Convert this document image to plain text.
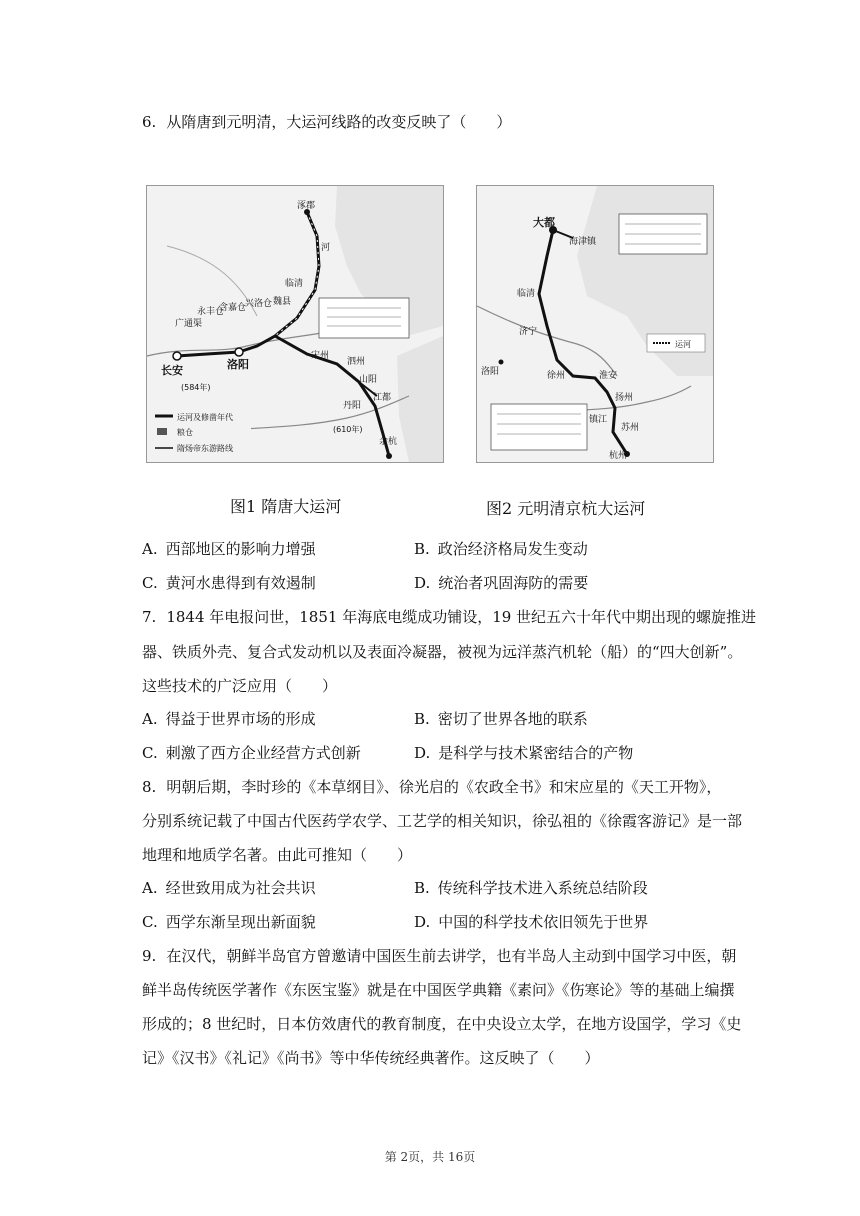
6. 从隋唐到元明清，大运河线路的改变反映了（　　）
涿郡
河
临清
魏县
洛阳
长安
广通渠
永丰仓
含嘉仓
兴洛仓
宋州
泗州
山阳
江都
丹阳
余杭
(584年)
(610年)
运河及修凿年代
粮仓
隋炀帝东游路线
大都
海津镇
临清
济宁
洛阳	徐州	淮安
扬州
镇江
苏州
杭州
运河
图1 隋唐大运河	图2 元明清京杭大运河
A. 西部地区的影响力增强	B. 政治经济格局发生变动
C. 黄河水患得到有效遏制	D. 统治者巩固海防的需要
7. 1844 年电报问世，1851 年海底电缆成功铺设，19 世纪五六十年代中期出现的螺旋推进
器、铁质外壳、复合式发动机以及表面冷凝器，被视为远洋蒸汽机轮（船）的“四大创新”。
这些技术的广泛应用（　　）
A. 得益于世界市场的形成	B. 密切了世界各地的联系
C. 刺激了西方企业经营方式创新	D. 是科学与技术紧密结合的产物
8. 明朝后期，李时珍的《本草纲目》、徐光启的《农政全书》和宋应星的《天工开物》，
分别系统记载了中国古代医药学农学、工艺学的相关知识，徐弘祖的《徐霞客游记》是一部
地理和地质学名著。由此可推知（　　）
A. 经世致用成为社会共识	B. 传统科学技术进入系统总结阶段
C. 西学东渐呈现出新面貌	D. 中国的科学技术依旧领先于世界
9. 在汉代，朝鲜半岛官方曾邀请中国医生前去讲学，也有半岛人主动到中国学习中医，朝
鲜半岛传统医学著作《东医宝鉴》就是在中国医学典籍《素问》《伤寒论》等的基础上编撰
形成的；8 世纪时，日本仿效唐代的教育制度，在中央设立太学，在地方设国学，学习《史
记》《汉书》《礼记》《尚书》等中华传统经典著作。这反映了（　　）
第 2页，共 16页
